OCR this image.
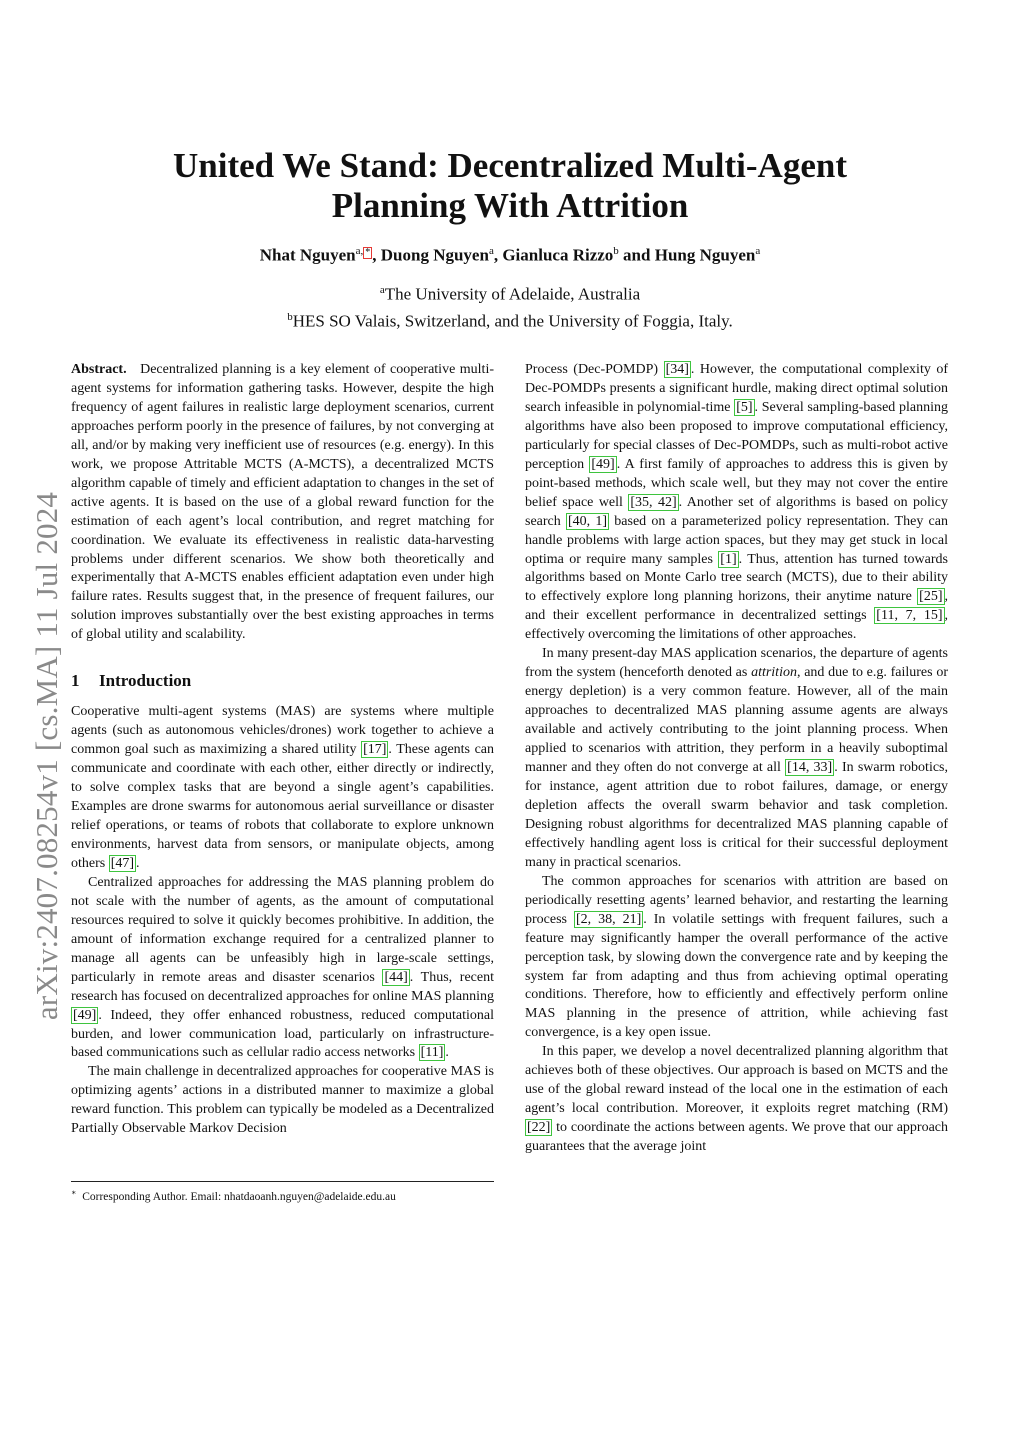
arXiv:2407.08254v1 [cs.MA] 11 Jul 2024
United We Stand: Decentralized Multi-Agent
Planning With Attrition
Nhat Nguyen$^{a,}$ * , Duong Nguyen$^a$, Gianluca Rizzo$^b$ and Hung Nguyen$^a$
$^a$The University of Adelaide, Australia
$^b$HES SO Valais, Switzerland, and the University of Foggia, Italy.

Abstract. Decentralized planning is a key element of cooperative multi-agent systems for information gathering tasks. However, despite the high frequency of agent failures in realistic large deployment scenarios, current approaches perform poorly in the presence of failures, by not converging at all, and/or by making very inefficient use of resources (e.g. energy). In this work, we propose Attritable MCTS (A-MCTS), a decentralized MCTS algorithm capable of timely and efficient adaptation to changes in the set of active agents. It is based on the use of a global reward function for the estimation of each agent’s local contribution, and regret matching for coordination. We evaluate its effectiveness in realistic data-harvesting problems under different scenarios. We show both theoretically and experimentally that A-MCTS enables efficient adaptation even under high failure rates. Results suggest that, in the presence of frequent failures, our solution improves substantially over the best existing approaches in terms of global utility and scalability.

1 Introduction

Cooperative multi-agent systems (MAS) are systems where multiple agents (such as autonomous vehicles/drones) work together to achieve a common goal such as maximizing a shared utility [17] . These agents can communicate and coordinate with each other, either directly or indirectly, to solve complex tasks that are beyond a single agent’s capabilities. Examples are drone swarms for autonomous aerial surveillance or disaster relief operations, or teams of robots that collaborate to explore unknown environments, harvest data from sensors, or manipulate objects, among others [47] .

Centralized approaches for addressing the MAS planning problem do not scale with the number of agents, as the amount of computational resources required to solve it quickly becomes prohibitive. In addition, the amount of information exchange required for a centralized planner to manage all agents can be unfeasibly high in large-scale settings, particularly in remote areas and disaster scenarios [44] . Thus, recent research has focused on decentralized approaches for online MAS planning [49] . Indeed, they offer enhanced robustness, reduced computational burden, and lower communication load, particularly on infrastructure-based communications such as cellular radio access networks [11] .

The main challenge in decentralized approaches for cooperative MAS is optimizing agents’ actions in a distributed manner to maximize a global reward function. This problem can typically be modeled as a Decentralized Partially Observable Markov Decision

Process (Dec-POMDP) [34] . However, the computational complexity of Dec-POMDPs presents a significant hurdle, making direct optimal solution search infeasible in polynomial-time [5] . Several sampling-based planning algorithms have also been proposed to improve computational efficiency, particularly for special classes of Dec-POMDPs, such as multi-robot active perception [49] . A first family of approaches to address this is given by point-based methods, which scale well, but they may not cover the entire belief space well [35, 42] . Another set of algorithms is based on policy search [40, 1] based on a parameterized policy representation. They can handle problems with large action spaces, but they may get stuck in local optima or require many samples [1] . Thus, attention has turned towards algorithms based on Monte Carlo tree search (MCTS), due to their ability to effectively explore long planning horizons, their anytime nature [25] , and their excellent performance in decentralized settings [11, 7, 15] , effectively overcoming the limitations of other approaches.

In many present-day MAS application scenarios, the departure of agents from the system (henceforth denoted as attrition, and due to e.g. failures or energy depletion) is a very common feature. However, all of the main approaches to decentralized MAS planning assume agents are always available and actively contributing to the joint planning process. When applied to scenarios with attrition, they perform in a heavily suboptimal manner and they often do not converge at all [14, 33] . In swarm robotics, for instance, agent attrition due to robot failures, damage, or energy depletion affects the overall swarm behavior and task completion. Designing robust algorithms for decentralized MAS planning capable of effectively handling agent loss is critical for their successful deployment many in practical scenarios.

The common approaches for scenarios with attrition are based on periodically resetting agents’ learned behavior, and restarting the learning process [2, 38, 21] . In volatile settings with frequent failures, such a feature may significantly hamper the overall performance of the active perception task, by slowing down the convergence rate and by keeping the system far from adapting and thus from achieving optimal operating conditions. Therefore, how to efficiently and effectively perform online MAS planning in the presence of attrition, while achieving fast convergence, is a key open issue.

In this paper, we develop a novel decentralized planning algorithm that achieves both of these objectives. Our approach is based on MCTS and the use of the global reward instead of the local one in the estimation of each agent’s local contribution. Moreover, it exploits regret matching (RM) [22] to coordinate the actions between agents. We prove that our approach guarantees that the average joint

∗ Corresponding Author. Email: nhatdaoanh.nguyen@adelaide.edu.au
